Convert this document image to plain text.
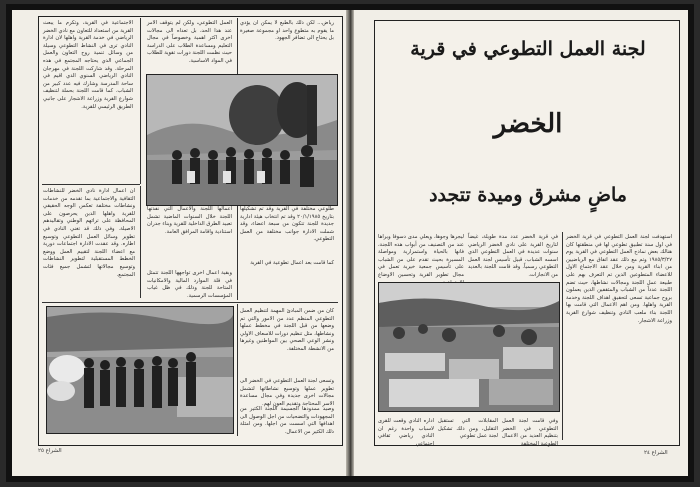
الاجتماعية في القرية، وتكرم ما يبعث القرية من استعداد للتعاون مع نادي الخضر الرياضي في خدمة القرية واهلها لان ادارة النادي ترى في النشاط التطوعي وسيلة من وسائل تنمية روح التعاون والعمل الجماعي الذي يحتاجه المجتمع في هذه المرحلة. وقد شاركت اللجنة في مهرجان النادي الرياضي السنوي الذي اقيم في ساحة المدرسة وشارك فيه عدد كبير من الشباب. كما قامت اللجنة بحملة لتنظيف شوارع القرية وزراعة الاشجار على جانبي الطريق الرئيسي للقرية.
العمل التطوعي، ولكن لم يتوقف الامر عند هذا الحد، بل تعداه الى مجالات اخرى اكثر اهمية وخصوصاً في مجال التعليم ومساعدة الطلاب على الدراسة حيث نظمت اللجنة دورات تقوية للطلاب في المواد الاساسية.
رياض... لكن ذلك بالطبع لا يمكن ان يؤدي ما يقوم به متطوع واحد او مجموعة صغيرة بل يحتاج الى تضافر الجهود.
ان اعمال ادارة نادي الخضر للنشاطات الثقافية والاجتماعية بما تقدمه من خدمات ونشاطات مختلفة تعكس الوجه الحقيقي للقرية واهلها الذين يحرصون على المحافظة على تراثهم الوطني وتقاليدهم الاصيلة. وفي ذلك قد تغني النادي في تطوير وسائل العمل التطوعي وتوسيع اطاره. وقد عقدت الادارة اجتماعات دورية مع اعضاء اللجنة لتقييم العمل ووضع الخطط المستقبلية لتطوير النشاطات وتوسيع مجالاتها لتشمل جميع فئات المجتمع.
طلوعي مختلفة في القرية وقد تم تشكيلها بتاريخ ٢٠/١/١٩٨٥ وقد تم انتخاب هيئة ادارية جديدة للجنة تتكون من سبعة اعضاء، وقد شملت الادارة جوانب مختلفة من العمل التطوعي.
اعمالها اللجنة والاعمال التي نفذتها اللجنة خلال السنوات الماضية تشمل تعبيد الطرق الداخلية للقرية وبناء جدران استنادية واقامة المرافق العامة.
كما قامت بعد اعمال تطوعية في القرية
وبقية اعمال اخرى تواجهها اللجنة تتمثل في قلة الموارد المالية والامكانيات المتاحة للجنة وذلك في ظل غياب المؤسسات الرسمية.
كان من ضمن المبادئ المهمة لتنظيم العمل التطوعي المنظم عدد من الامور والتي تم وضعها من قبل اللجنة في مخطط عملها ونشاطها، مثل تنظيم دورات للاسعاف الاولي ونشر الوعي الصحي بين المواطنين وغيرها من الانشطة المختلفة.
وتسعى لجنة العمل التطوعي في الخضر الى تطوير عملها وتوسيع نشاطاتها لتشمل مجالات اخرى جديدة وفي مجال مساعدة الاسر المحتاجة وتقديم العون لهم.
وصيد ممدودها الجسيمة اللجنة الكثير من المجهودات والتضحيات من اجل الوصول الى اهدافها التي اسست من اجلها. ومن امثلة ذلك الكثير من الاعمال.
الشراع ٢٥
لجنة العمل التطوعي في قرية
الخضر
ماضٍ مشرق وميدة تتجدد
ليجرها وجوها، ويعلي مدى دسوفا ويراها عند من التصنيف من أبواب هذه اللجنة، فانها بالحياة واستمرارية ومواصلة المسيرة بحيث تقدم على من الشباب على تأسيس جمعية خيرية تعمل في مجال تطوير القرية وتحسين الاوضاع
في قرية الخضر عدد مدة طويلة، غيضاً لتاريخ القرية على نادي الخضر الرياضي سنوات عديدة في العمل التطوعي الذي اسسه الشباب، قبيل تأسيس لجنة العمل التطوعي رسمياً. وقد قامت اللجنة بالعديد من الانجازات.
استهدفت لجنة العمل التطوعي في قرية الخضر في اول سنة تطبيق تطوعي لها في منطقتها كان هنالك بعض نماذج العمل التطوعي في القرية يوم ١٩٨٥/٣/٢٧ وتم مع ذلك عقد اتفاق مع الرياضيين من ابناء القرية ومن خلال عقد الاجتماع الاول للاعضاء المتطوعين الذين تم التعرف بهم على طبيعة عمل اللجنة ومجالات نشاطها، حيث تضم اللجنة عدداً من الشباب والمثقفين الذين يعملون بروح جماعية تسعى لتحقيق اهداف اللجنة وخدمة القرية واهلها. ومن اهم الاعمال التي قامت بها اللجنة بناء ملعب النادي وتنظيف شوارع القرية وزراعة الاشجار.
اداره النادي وقعت للقرى لاسباب واحدة رغم ان النادي رياضي ثقافي اجتماعي
المقابلات التي تستقبل التقليل، ومن ذلك تشكيل لجنة عمل تطوعي
وفي قامت لجنة العمل التطوعي في الخضر بتنظيم العديد من الاعمال الطوعية المختلفة
الشراع ٢٤
